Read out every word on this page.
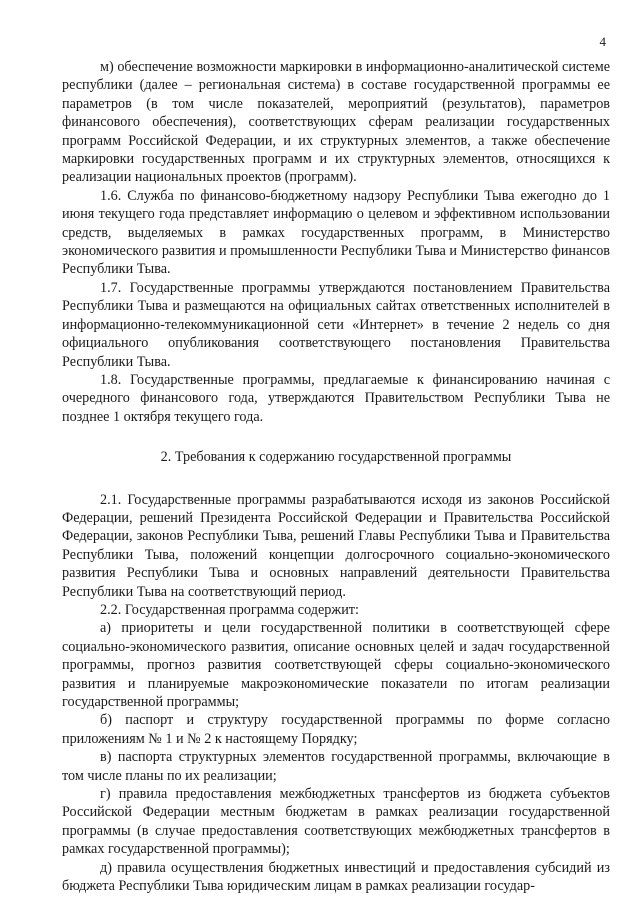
4

м) обеспечение возможности маркировки в информационно-аналитической системе республики (далее – региональная система) в составе государственной программы ее параметров (в том числе показателей, мероприятий (результатов), параметров финансового обеспечения), соответствующих сферам реализации государственных программ Российской Федерации, и их структурных элементов, а также обеспечение маркировки государственных программ и их структурных элементов, относящихся к реализации национальных проектов (программ).

1.6. Служба по финансово-бюджетному надзору Республики Тыва ежегодно до 1 июня текущего года представляет информацию о целевом и эффективном использовании средств, выделяемых в рамках государственных программ, в Министерство экономического развития и промышленности Республики Тыва и Министерство финансов Республики Тыва.

1.7. Государственные программы утверждаются постановлением Правительства Республики Тыва и размещаются на официальных сайтах ответственных исполнителей в информационно-телекоммуникационной сети «Интернет» в течение 2 недель со дня официального опубликования соответствующего постановления Правительства Республики Тыва.

1.8. Государственные программы, предлагаемые к финансированию начиная с очередного финансового года, утверждаются Правительством Республики Тыва не позднее 1 октября текущего года.

2. Требования к содержанию государственной программы

2.1. Государственные программы разрабатываются исходя из законов Российской Федерации, решений Президента Российской Федерации и Правительства Российской Федерации, законов Республики Тыва, решений Главы Республики Тыва и Правительства Республики Тыва, положений концепции долгосрочного социально-экономического развития Республики Тыва и основных направлений деятельности Правительства Республики Тыва на соответствующий период.

2.2. Государственная программа содержит:

а) приоритеты и цели государственной политики в соответствующей сфере социально-экономического развития, описание основных целей и задач государственной программы, прогноз развития соответствующей сферы социально-экономического развития и планируемые макроэкономические показатели по итогам реализации государственной программы;

б) паспорт и структуру государственной программы по форме согласно приложениям № 1 и № 2 к настоящему Порядку;

в) паспорта структурных элементов государственной программы, включающие в том числе планы по их реализации;

г) правила предоставления межбюджетных трансфертов из бюджета субъектов Российской Федерации местным бюджетам в рамках реализации государственной программы (в случае предоставления соответствующих межбюджетных трансфертов в рамках государственной программы);

д) правила осуществления бюджетных инвестиций и предоставления субсидий из бюджета Республики Тыва юридическим лицам в рамках реализации государ-
